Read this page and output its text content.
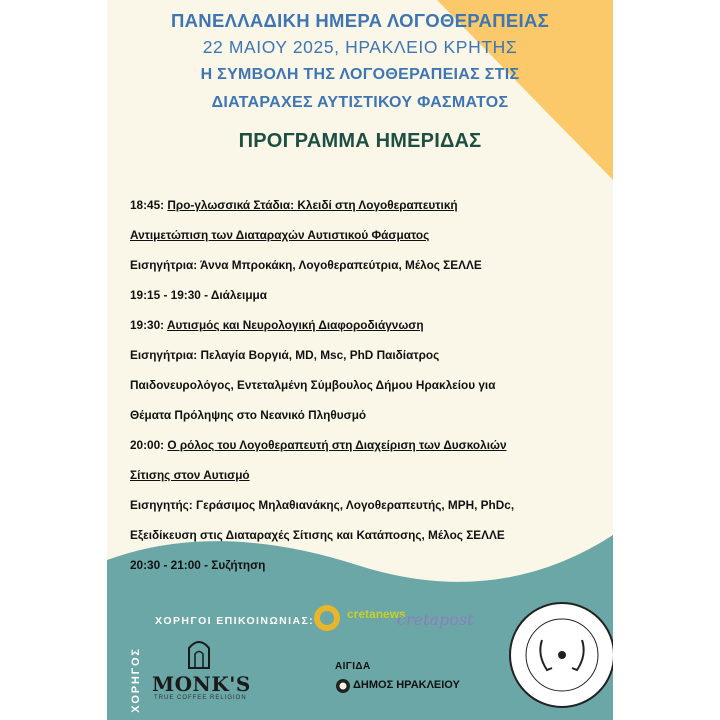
ΠΑΝΕΛΛΑΔΙΚΗ ΗΜΕΡΑ ΛΟΓΟΘΕΡΑΠΕΙΑΣ
22 ΜΑΙΟΥ 2025, ΗΡΑΚΛΕΙΟ ΚΡΗΤΗΣ
Η ΣΥΜΒΟΛΗ ΤΗΣ ΛΟΓΟΘΕΡΑΠΕΙΑΣ ΣΤΙΣ
ΔΙΑΤΑΡΑΧΕΣ ΑΥΤΙΣΤΙΚΟΥ ΦΑΣΜΑΤΟΣ
ΠΡΟΓΡΑΜΜΑ ΗΜΕΡΙΔΑΣ
18:45: Προ-γλωσσικά Στάδια: Κλειδί στη Λογοθεραπευτική
Αντιμετώπιση των Διαταραχών Αυτιστικού Φάσματος
Εισηγήτρια: Άννα Μπροκάκη, Λογοθεραπεύτρια, Μέλος ΣΕΛΛΕ
19:15 - 19:30 - Διάλειμμα
19:30: Αυτισμός και Νευρολογική Διαφοροδιάγνωση
Εισηγήτρια: Πελαγία Βοργιά, MD, Msc, PhD Παιδίατρος
Παιδονευρολόγος, Εντεταλμένη Σύμβουλος Δήμου Ηρακλείου για
Θέματα Πρόληψης στο Νεανικό Πληθυσμό
20:00: Ο ρόλος του Λογοθεραπευτή στη Διαχείριση των Δυσκολιών
Σίτισης στον Αυτισμό
Εισηγητής: Γεράσιμος Μηλαθιανάκης, Λογοθεραπευτής, MPH, PhDc,
Εξειδίκευση στις Διαταραχές Σίτισης και Κατάποσης, Μέλος ΣΕΛΛΕ
20:30 - 21:00 - Συζήτηση
ΧΟΡΗΓΟΙ ΕΠΙΚΟΙΝΩΝΙΑΣ:
ΧΟΡΗΓΟΣ
cretanews
cretapost
MONK'S
TRUE COFFEE RELIGION
ΑΙΓΙΔΑ
ΔΗΜΟΣ ΗΡΑΚΛΕΙΟΥ
